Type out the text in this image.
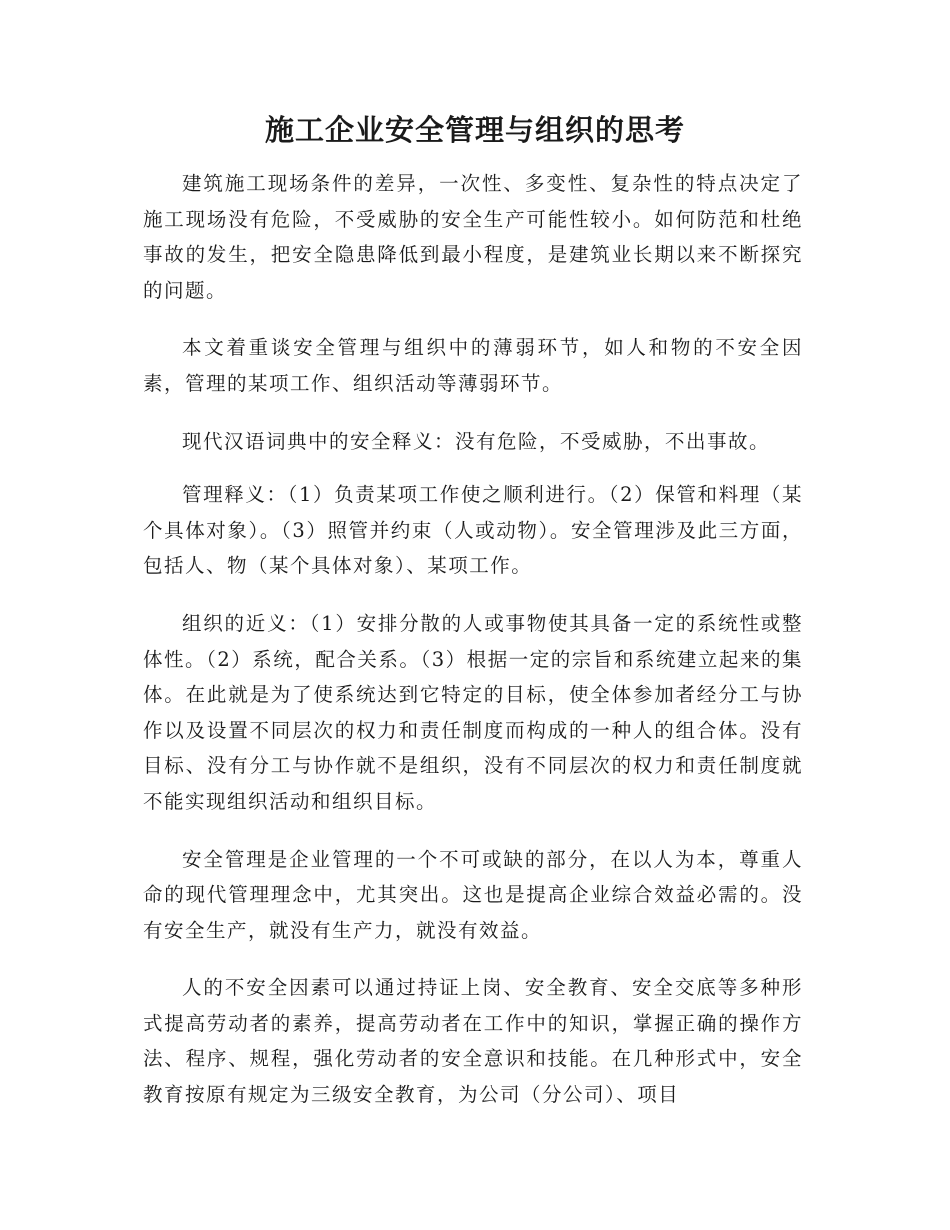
施工企业安全管理与组织的思考

建筑施工现场条件的差异，一次性、多变性、复杂性的特点决定了施工现场没有危险，不受威胁的安全生产可能性较小。如何防范和杜绝事故的发生，把安全隐患降低到最小程度，是建筑业长期以来不断探究的问题。

本文着重谈安全管理与组织中的薄弱环节，如人和物的不安全因素，管理的某项工作、组织活动等薄弱环节。

现代汉语词典中的安全释义：没有危险，不受威胁，不出事故。

管理释义：（1）负责某项工作使之顺利进行。（2）保管和料理（某个具体对象）。（3）照管并约束（人或动物）。安全管理涉及此三方面，包括人、物（某个具体对象）、某项工作。

组织的近义：（1）安排分散的人或事物使其具备一定的系统性或整体性。（2）系统，配合关系。（3）根据一定的宗旨和系统建立起来的集体。在此就是为了使系统达到它特定的目标，使全体参加者经分工与协作以及设置不同层次的权力和责任制度而构成的一种人的组合体。没有目标、没有分工与协作就不是组织，没有不同层次的权力和责任制度就不能实现组织活动和组织目标。

安全管理是企业管理的一个不可或缺的部分，在以人为本，尊重人命的现代管理理念中，尤其突出。这也是提高企业综合效益必需的。没有安全生产，就没有生产力，就没有效益。

人的不安全因素可以通过持证上岗、安全教育、安全交底等多种形式提高劳动者的素养，提高劳动者在工作中的知识，掌握正确的操作方法、程序、规程，强化劳动者的安全意识和技能。在几种形式中，安全教育按原有规定为三级安全教育，为公司（分公司）、项目
